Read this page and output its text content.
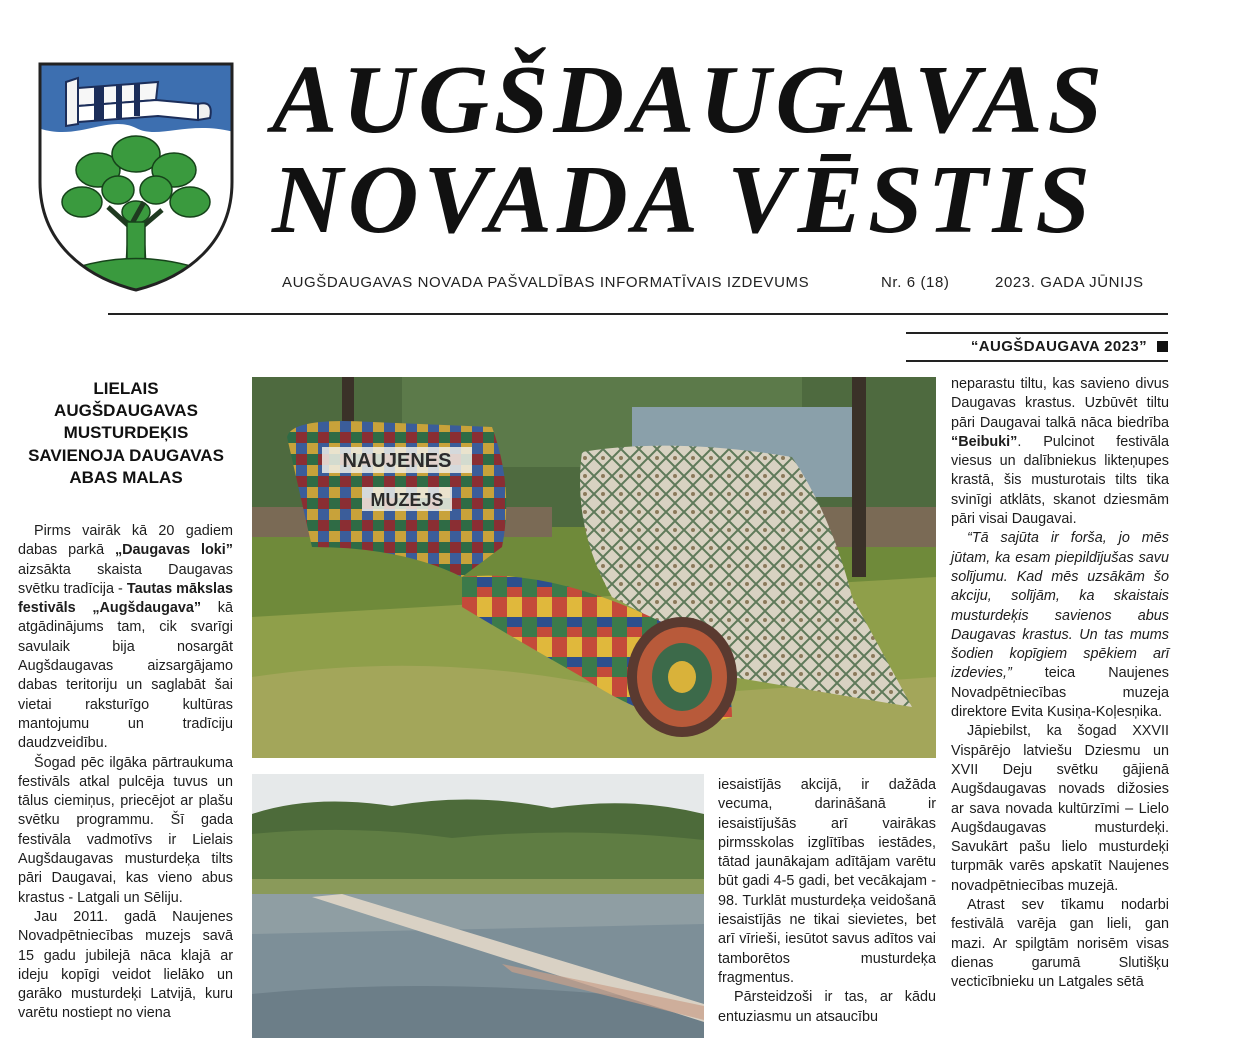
AUGŠDAUGAVAS
NOVADA VĒSTIS
AUGŠDAUGAVAS NOVADA PAŠVALDĪBAS INFORMATĪVAIS IZDEVUMS	Nr. 6 (18)	2023. GADA JŪNIJS
“AUGŠDAUGAVA 2023”
LIELAIS AUGŠDAUGAVAS MUSTURDEĶIS SAVIENOJA DAUGAVAS ABAS MALAS

Pirms vairāk kā 20 gadiem dabas parkā „Daugavas loki” aizsākta skaista Daugavas svētku tradīcija - Tautas mākslas festivāls „Augšdaugava” kā atgādinājums tam, cik svarīgi savulaik bija nosargāt Augšdaugavas aizsargājamo dabas teritoriju un saglabāt šai vietai raksturīgo kultūras mantojumu un tradīciju daudzveidību.

Šogad pēc ilgāka pārtraukuma festivāls atkal pulcēja tuvus un tālus ciemiņus, priecējot ar plašu svētku programmu. Šī gada festivāla vadmotīvs ir Lielais Augšdaugavas musturdeķa tilts pāri Daugavai, kas vieno abus krastus - Latgali un Sēliju.

Jau 2011. gadā Naujenes Novadpētniecības muzejs savā 15 gadu jubilejā nāca klajā ar ideju kopīgi veidot lielāko un garāko musturdeķi Latvijā, kuru varētu nostiept no viena

NAUJENES
MUZEJS

iesaistījās akcijā, ir dažāda vecuma, darināšanā ir iesaistījušās arī vairākas pirmsskolas izglītības iestādes, tātad jaunākajam adītājam varētu būt gadi 4-5 gadi, bet vecākajam - 98. Turklāt musturdeķa veidošanā iesaistījās ne tikai sievietes, bet arī vīrieši, iesūtot savus adītos vai tamborētos musturdeķa fragmentus.

Pārsteidzoši ir tas, ar kādu entuziasmu un atsaucību

neparastu tiltu, kas savieno divus Daugavas krastus. Uzbūvēt tiltu pāri Daugavai talkā nāca biedrība “Beibuki”. Pulcinot festivāla viesus un dalībniekus likteņupes krastā, šis musturotais tilts tika svinīgi atklāts, skanot dziesmām pāri visai Daugavai.

“Tā sajūta ir forša, jo mēs jūtam, ka esam piepildījušas savu solījumu. Kad mēs uzsākām šo akciju, solījām, ka skaistais musturdeķis savienos abus Daugavas krastus. Un tas mums šodien kopīgiem spēkiem arī izdevies,” teica Naujenes Novadpētniecības muzeja direktore Evita Kusiņa-Koļesņika.

Jāpiebilst, ka šogad XXVII Vispārējo latviešu Dziesmu un XVII Deju svētku gājienā Augšdaugavas novads dižosies ar sava novada kultūrzīmi – Lielo Augšdaugavas musturdeķi. Savukārt pašu lielo musturdeķi turpmāk varēs apskatīt Naujenes novadpētniecības muzejā.

Atrast sev tīkamu nodarbi festivālā varēja gan lieli, gan mazi. Ar spilgtām norisēm visas dienas garumā Slutišķu vecticībnieku un Latgales sētā
